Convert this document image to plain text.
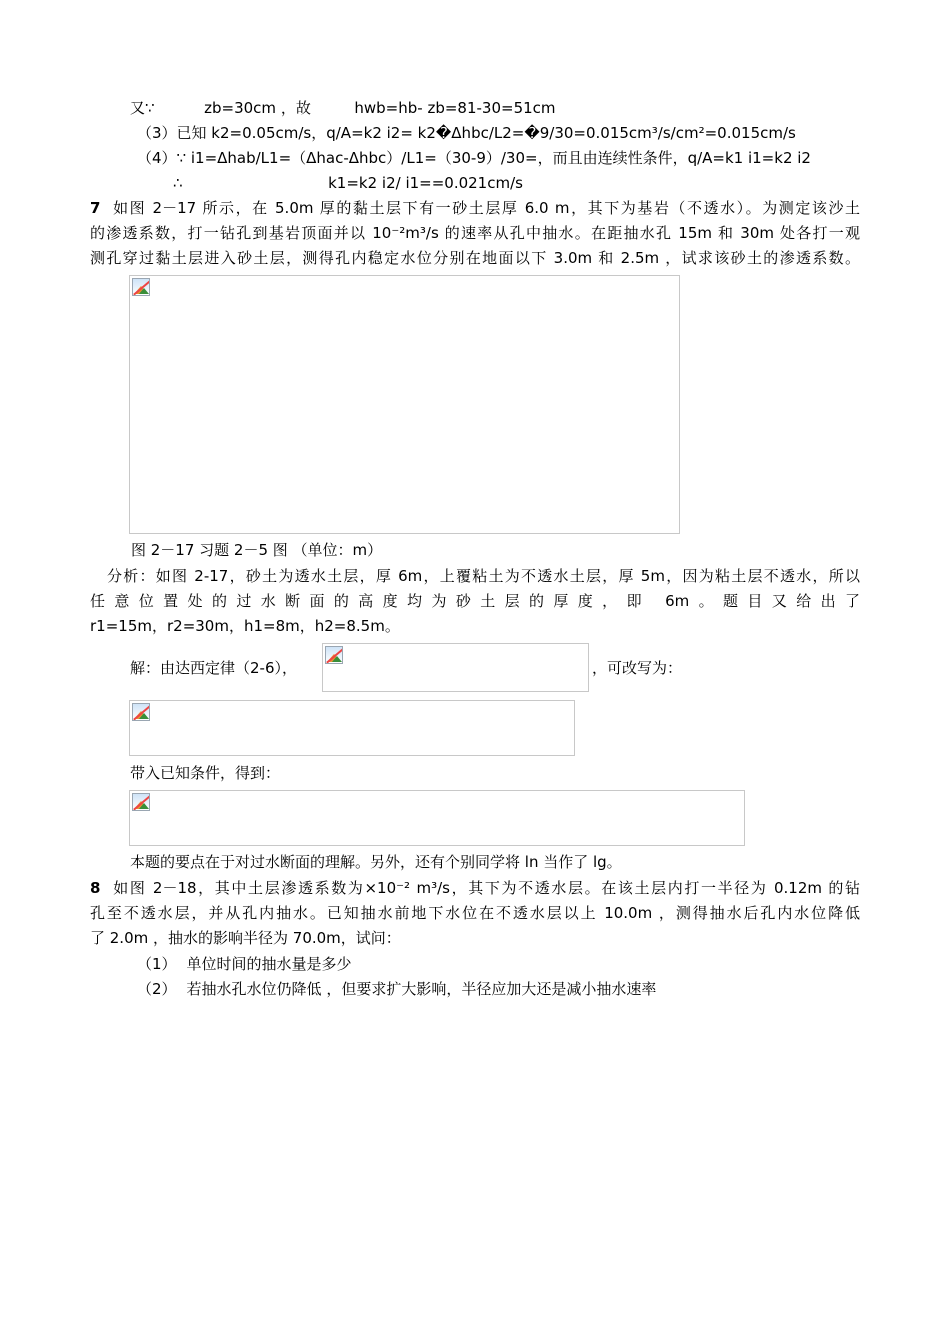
又∵	zb=30cm ，故	hwb=hb- zb=81-30=51cm
（3）已知 k2=0.05cm/s，q/A=k2 i2= k2�Δhbc/L2=�9/30=0.015cm³/s/cm²=0.015cm/s
（4）∵ i1=Δhab/L1=（Δhac-Δhbc）/L1=（30-9）/30=，而且由连续性条件，q/A=k1 i1=k2 i2
∴	k1=k2 i2/ i1==0.021cm/s
7 如图 2－17 所示，在 5.0m 厚的黏土层下有一砂土层厚 6.0 m，其下为基岩（不透水）。为测定该沙土
的渗透系数，打一钻孔到基岩顶面并以 10⁻²m³/s 的速率从孔中抽水。在距抽水孔 15m 和 30m 处各打一观
测孔穿过黏土层进入砂土层，测得孔内稳定水位分别在地面以下 3.0m 和 2.5m ，试求该砂土的渗透系数。
图 2－17 习题 2－5 图 （单位：m）
分析：如图 2-17，砂土为透水土层，厚 6m，上覆粘土为不透水土层，厚 5m，因为粘土层不透水，所以
任意位置处的过水断面的高度均为砂土层的厚度，即 6m。题目又给出了
r1=15m，r2=30m，h1=8m，h2=8.5m。
解：由达西定律（2-6），	，可改写为：
带入已知条件，得到：
本题的要点在于对过水断面的理解。另外，还有个别同学将 ln 当作了 lg。
8 如图 2－18，其中土层渗透系数为×10⁻² m³/s，其下为不透水层。在该土层内打一半径为 0.12m 的钻
孔至不透水层，并从孔内抽水。已知抽水前地下水位在不透水层以上 10.0m ，测得抽水后孔内水位降低
了 2.0m ，抽水的影响半径为 70.0m，试问：
（1） 单位时间的抽水量是多少
（2） 若抽水孔水位仍降低 ，但要求扩大影响，半径应加大还是减小抽水速率
